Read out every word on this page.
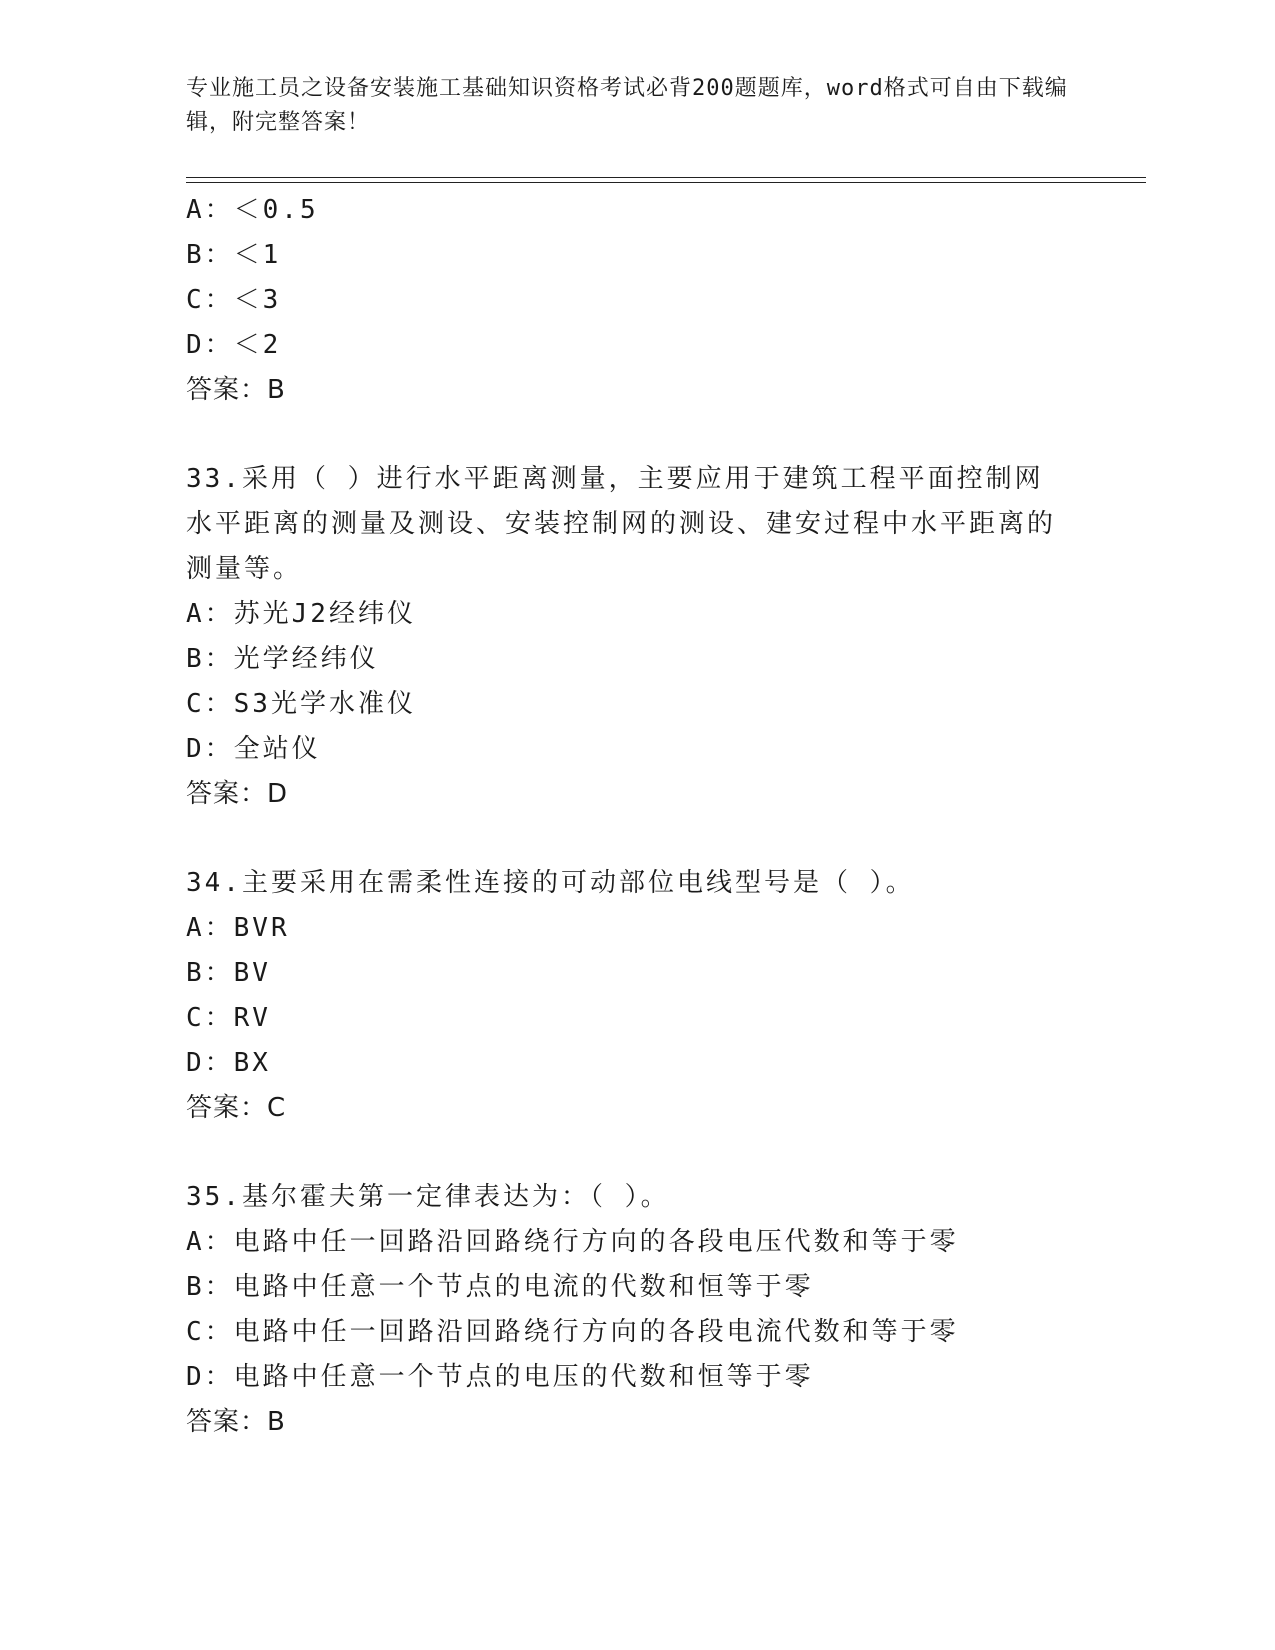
专业施工员之设备安装施工基础知识资格考试必背200题题库，word格式可自由下载编辑，附完整答案！
A：＜0.5
B：＜1
C：＜3
D：＜2
答案：B
33.采用（ ）进行水平距离测量，主要应用于建筑工程平面控制网水平距离的测量及测设、安装控制网的测设、建安过程中水平距离的测量等。
A：苏光J2经纬仪
B：光学经纬仪
C：S3光学水准仪
D：全站仪
答案：D
34.主要采用在需柔性连接的可动部位电线型号是（ ）。
A：BVR
B：BV
C：RV
D：BX
答案：C
35.基尔霍夫第一定律表达为：（ ）。
A：电路中任一回路沿回路绕行方向的各段电压代数和等于零
B：电路中任意一个节点的电流的代数和恒等于零
C：电路中任一回路沿回路绕行方向的各段电流代数和等于零
D：电路中任意一个节点的电压的代数和恒等于零
答案：B
